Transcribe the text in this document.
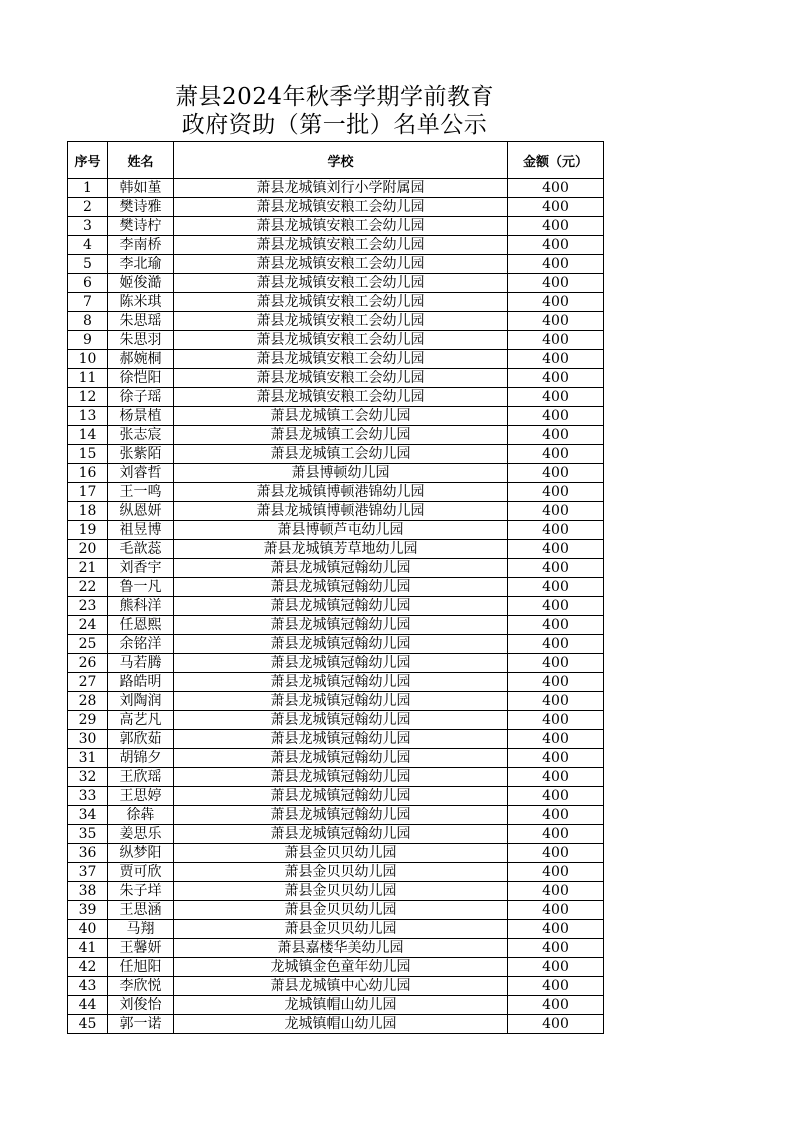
萧县2024年秋季学期学前教育
政府资助（第一批）名单公示
序号	姓名	学校	金额（元）
1	韩如堇	萧县龙城镇刘行小学附属园	400
2	樊诗雅	萧县龙城镇安粮工会幼儿园	400
3	樊诗柠	萧县龙城镇安粮工会幼儿园	400
4	李南桥	萧县龙城镇安粮工会幼儿园	400
5	李北瑜	萧县龙城镇安粮工会幼儿园	400
6	姬俊澔	萧县龙城镇安粮工会幼儿园	400
7	陈米琪	萧县龙城镇安粮工会幼儿园	400
8	朱思瑶	萧县龙城镇安粮工会幼儿园	400
9	朱思羽	萧县龙城镇安粮工会幼儿园	400
10	郝婉桐	萧县龙城镇安粮工会幼儿园	400
11	徐恺阳	萧县龙城镇安粮工会幼儿园	400
12	徐子瑶	萧县龙城镇安粮工会幼儿园	400
13	杨景植	萧县龙城镇工会幼儿园	400
14	张志宸	萧县龙城镇工会幼儿园	400
15	张紫陌	萧县龙城镇工会幼儿园	400
16	刘睿哲	萧县博顿幼儿园	400
17	王一鸣	萧县龙城镇博顿港锦幼儿园	400
18	纵恩妍	萧县龙城镇博顿港锦幼儿园	400
19	祖昱博	萧县博顿芦屯幼儿园	400
20	毛歆蕊	萧县龙城镇芳草地幼儿园	400
21	刘香宇	萧县龙城镇冠翰幼儿园	400
22	鲁一凡	萧县龙城镇冠翰幼儿园	400
23	熊科洋	萧县龙城镇冠翰幼儿园	400
24	任恩熙	萧县龙城镇冠翰幼儿园	400
25	余铭洋	萧县龙城镇冠翰幼儿园	400
26	马若腾	萧县龙城镇冠翰幼儿园	400
27	路皓明	萧县龙城镇冠翰幼儿园	400
28	刘陶润	萧县龙城镇冠翰幼儿园	400
29	高艺凡	萧县龙城镇冠翰幼儿园	400
30	郭欣茹	萧县龙城镇冠翰幼儿园	400
31	胡锦夕	萧县龙城镇冠翰幼儿园	400
32	王欣瑶	萧县龙城镇冠翰幼儿园	400
33	王思婷	萧县龙城镇冠翰幼儿园	400
34	徐犇	萧县龙城镇冠翰幼儿园	400
35	姜思乐	萧县龙城镇冠翰幼儿园	400
36	纵梦阳	萧县金贝贝幼儿园	400
37	贾可欣	萧县金贝贝幼儿园	400
38	朱子垟	萧县金贝贝幼儿园	400
39	王思涵	萧县金贝贝幼儿园	400
40	马翔	萧县金贝贝幼儿园	400
41	王馨妍	萧县嘉楼华美幼儿园	400
42	任旭阳	龙城镇金色童年幼儿园	400
43	李欣悦	萧县龙城镇中心幼儿园	400
44	刘俊怡	龙城镇帽山幼儿园	400
45	郭一诺	龙城镇帽山幼儿园	400
